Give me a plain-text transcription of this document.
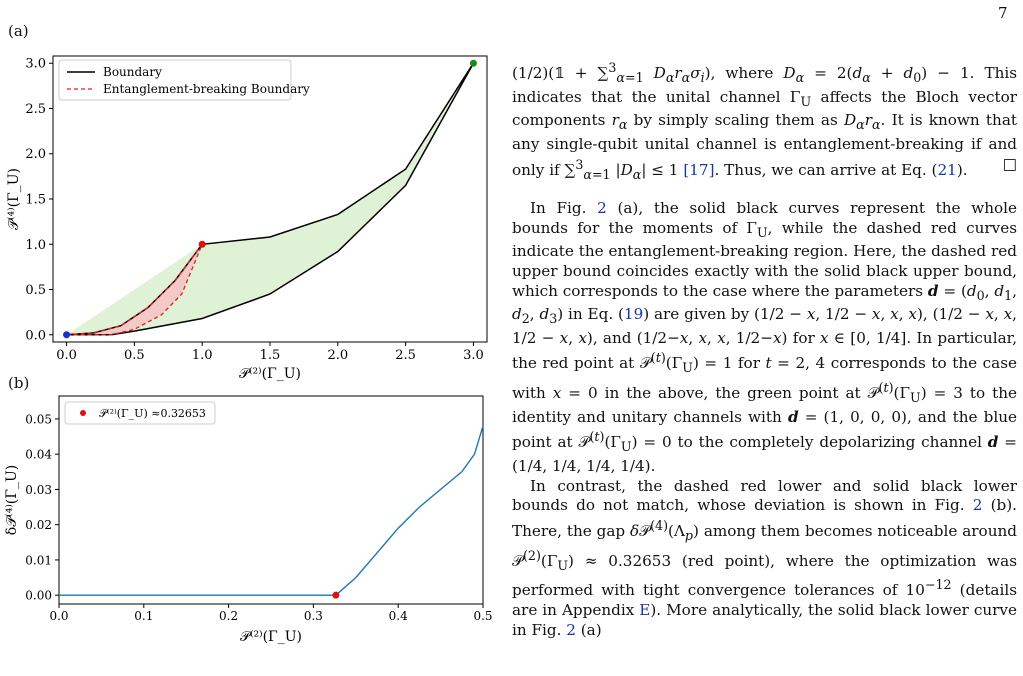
7
(a)
(b)
0.0	0.5	1.0	1.5	2.0	2.5	3.0
0.0
0.5
1.0
1.5
2.0
2.5
3.0
𝒫⁽²⁾(Γ_U)
𝒫⁽⁴⁾(Γ_U)
Boundary
Entanglement-breaking Boundary
0.0	0.1	0.2	0.3	0.4	0.5
0.00
0.01
0.02
0.03
0.04
0.05
𝒫⁽²⁾(Γ_U)
δ𝒫⁽⁴⁾(Γ_U)
𝒫⁽²⁾(Γ_U) ≈0.32653

(1/2)(𝟙 + ∑$^3_{\alpha=1}$ $D_\alpha r_\alpha\sigma_i$), where $D_\alpha = 2(d_\alpha + d_0) - 1$. This indicates that the unital channel $\Gamma_U$ affects the Bloch vector components $r_\alpha$ by simply scaling them as $D_\alpha r_\alpha$. It is known that any single-qubit unital channel is entanglement-breaking if and only if ∑$^3_{\alpha=1}$ $|D_\alpha| \le 1$ [17]. Thus, we can arrive at Eq. (21). □

In Fig. 2 (a), the solid black curves represent the whole bounds for the moments of $\Gamma_U$, while the dashed red curves indicate the entanglement-breaking region. Here, the dashed red upper bound coincides exactly with the solid black upper bound, which corresponds to the case where the parameters $d = (d_0$, $d_1$, $d_2$, $d_3$) in Eq. (19) are given by (1/2 − x, 1/2 − x, x, x), (1/2 − x, x, 1/2 − x, x), and (1/2−x, x, x, 1/2−x) for x ∈ [0, 1/4]. In particular, the red point at $𝒫^{(t)}(\Gamma_U) = 1$ for t = 2, 4 corresponds to the case with x = 0 in the above, the green point at $𝒫^{(t)}(\Gamma_U) = 3$ to the identity and unitary channels with d = (1, 0, 0, 0), and the blue point at $𝒫^{(t)}(\Gamma_U) = 0$ to the completely depolarizing channel d = (1/4, 1/4, 1/4, 1/4).

In contrast, the dashed red lower and solid black lower bounds do not match, whose deviation is shown in Fig. 2 (b). There, the gap $\delta 𝒫^{(4)}(\Lambda_p)$ among them becomes noticeable around $𝒫^{(2)}(\Gamma_U) \approx 0.32653$ (red point), where the optimization was performed with tight convergence tolerances of $10^{-12}$ (details are in Appendix E). More analytically, the solid black lower curve in Fig. 2 (a)
